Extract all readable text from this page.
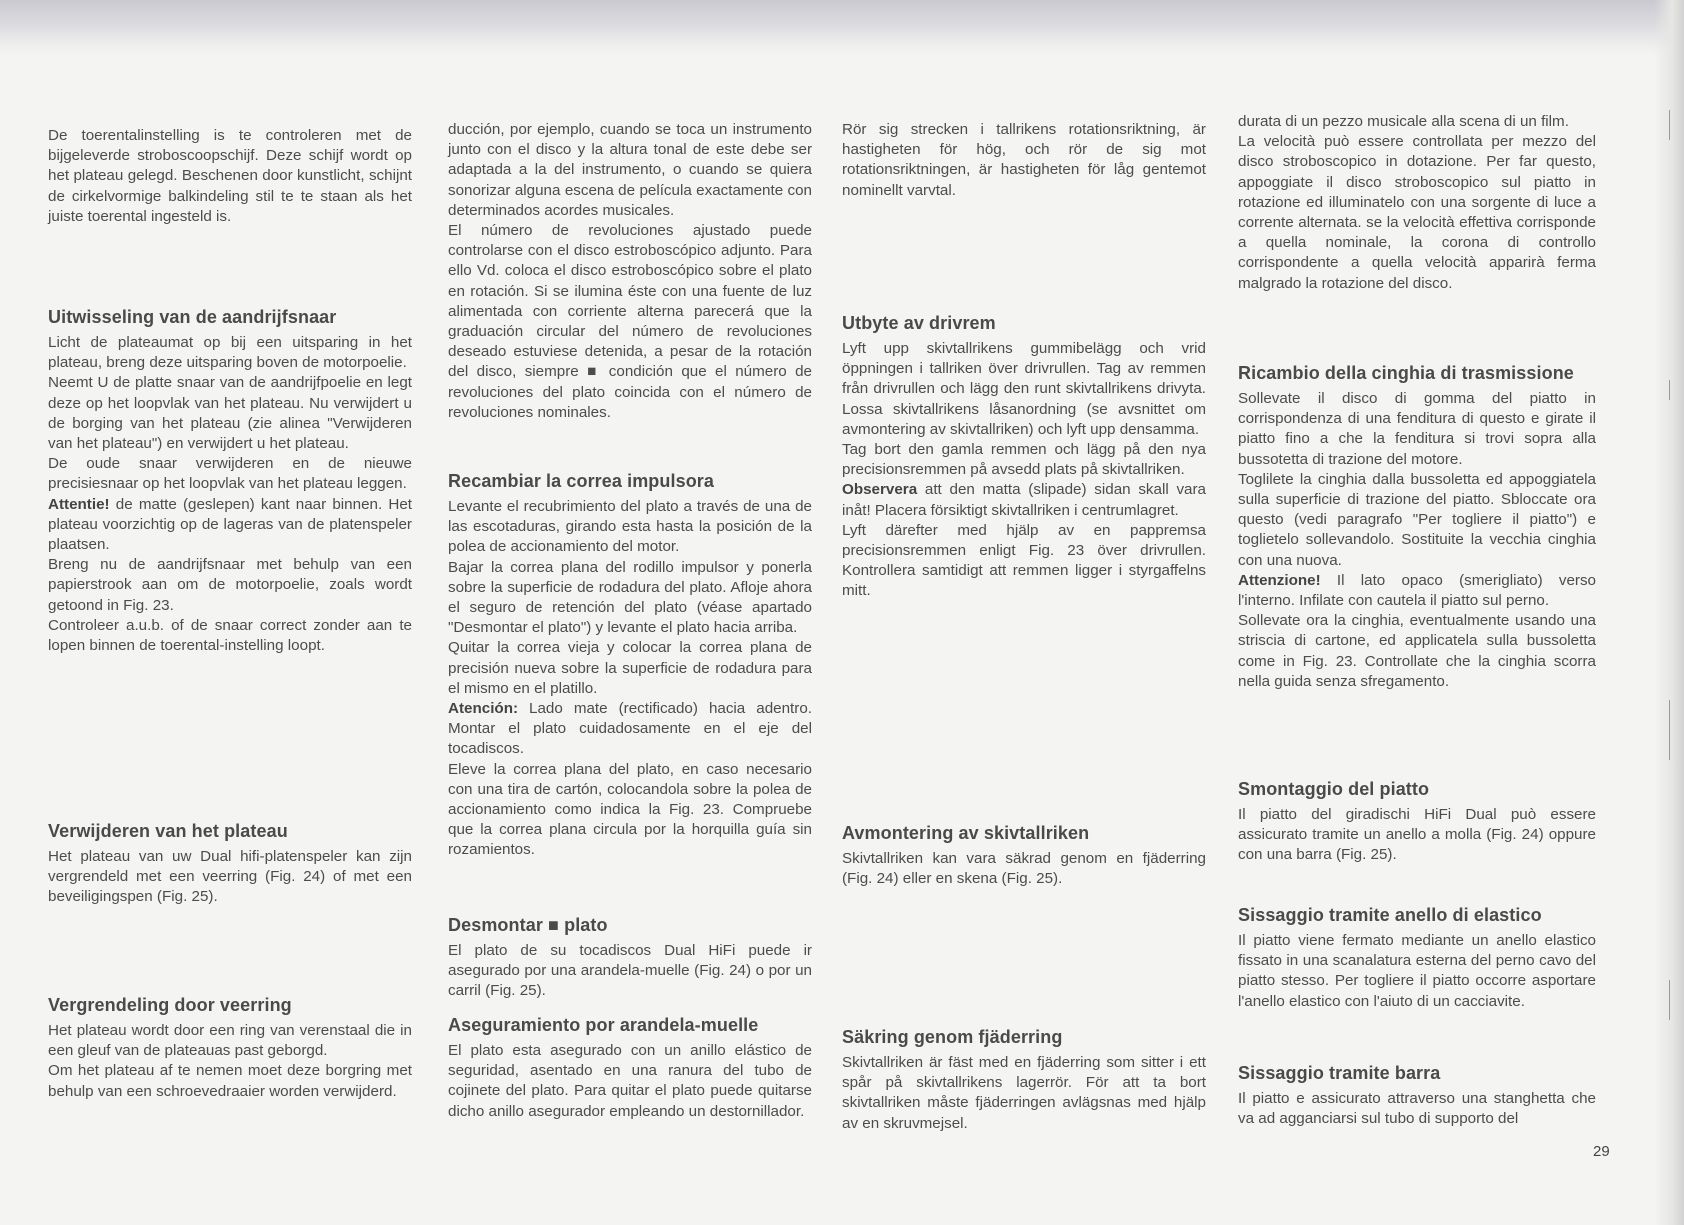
De toerentalinstelling is te controleren met de bijgeleverde stroboscoopschijf. Deze schijf wordt op het plateau gelegd. Beschenen door kunstlicht, schijnt de cirkelvormige balkindeling stil te te staan als het juiste toerental ingesteld is.

Uitwisseling van de aandrijfsnaar

Licht de plateaumat op bij een uitsparing in het plateau, breng deze uitsparing boven de motorpoelie.

Neemt U de platte snaar van de aandrijfpoelie en legt deze op het loopvlak van het plateau. Nu verwijdert u de borging van het plateau (zie alinea "Verwijderen van het plateau") en verwijdert u het plateau.

De oude snaar verwijderen en de nieuwe precisiesnaar op het loopvlak van het plateau leggen.

Attentie! de matte (geslepen) kant naar binnen. Het plateau voorzichtig op de lageras van de platenspeler plaatsen.

Breng nu de aandrijfsnaar met behulp van een papierstrook aan om de motorpoelie, zoals wordt getoond in Fig. 23.

Controleer a.u.b. of de snaar correct zonder aan te lopen binnen de toerental-instelling loopt.

Verwijderen van het plateau

Het plateau van uw Dual hifi-platenspeler kan zijn vergrendeld met een veerring (Fig. 24) of met een beveiligingspen (Fig. 25).

Vergrendeling door veerring

Het plateau wordt door een ring van verenstaal die in een gleuf van de plateauas past geborgd.

Om het plateau af te nemen moet deze borgring met behulp van een schroevedraaier worden verwijderd.

ducción, por ejemplo, cuando se toca un instrumento junto con el disco y la altura tonal de este debe ser adaptada a la del instrumento, o cuando se quiera sonorizar alguna escena de película exactamente con determinados acordes musicales.

El número de revoluciones ajustado puede controlarse con el disco estroboscópico adjunto. Para ello Vd. coloca el disco estroboscópico sobre el plato en rotación. Si se ilumina éste con una fuente de luz alimentada con corriente alterna parecerá que la graduación circular del número de revoluciones deseado estuviese detenida, a pesar de la rotación del disco, siempre ■ condición que el número de revoluciones del plato coincida con el número de revoluciones nominales.

Recambiar la correa impulsora

Levante el recubrimiento del plato a través de una de las escotaduras, girando esta hasta la posición de la polea de accionamiento del motor.

Bajar la correa plana del rodillo impulsor y ponerla sobre la superficie de rodadura del plato. Afloje ahora el seguro de retención del plato (véase apartado "Desmontar el plato") y levante el plato hacia arriba.

Quitar la correa vieja y colocar la correa plana de precisión nueva sobre la superficie de rodadura para el mismo en el platillo.

Atención: Lado mate (rectificado) hacia adentro. Montar el plato cuidadosamente en el eje del tocadiscos.

Eleve la correa plana del plato, en caso necesario con una tira de cartón, colocandola sobre la polea de accionamiento como indica la Fig. 23. Compruebe que la correa plana circula por la horquilla guía sin rozamientos.

Desmontar ■ plato

El plato de su tocadiscos Dual HiFi puede ir asegurado por una arandela-muelle (Fig. 24) o por un carril (Fig. 25).

Aseguramiento por arandela-muelle

El plato esta asegurado con un anillo elástico de seguridad, asentado en una ranura del tubo de cojinete del plato. Para quitar el plato puede quitarse dicho anillo asegurador empleando un destornillador.

Rör sig strecken i tallrikens rotationsriktning, är hastigheten för hög, och rör de sig mot rotationsriktningen, är hastigheten för låg gentemot nominellt varvtal.

Utbyte av drivrem

Lyft upp skivtallrikens gummibelägg och vrid öppningen i tallriken över drivrullen. Tag av remmen från drivrullen och lägg den runt skivtallrikens drivyta. Lossa skivtallrikens låsanordning (se avsnittet om avmontering av skivtallriken) och lyft upp densamma.

Tag bort den gamla remmen och lägg på den nya precisionsremmen på avsedd plats på skivtallriken.

Observera att den matta (slipade) sidan skall vara inåt! Placera försiktigt skivtallriken i centrumlagret.

Lyft därefter med hjälp av en pappremsa precisionsremmen enligt Fig. 23 över drivrullen. Kontrollera samtidigt att remmen ligger i styrgaffelns mitt.

Avmontering av skivtallriken

Skivtallriken kan vara säkrad genom en fjäderring (Fig. 24) eller en skena (Fig. 25).

Säkring genom fjäderring

Skivtallriken är fäst med en fjäderring som sitter i ett spår på skivtallrikens lagerrör. För att ta bort skivtallriken måste fjäderringen avlägsnas med hjälp av en skruvmejsel.

durata di un pezzo musicale alla scena di un film.

La velocità può essere controllata per mezzo del disco stroboscopico in dotazione. Per far questo, appoggiate il disco stroboscopico sul piatto in rotazione ed illuminatelo con una sorgente di luce a corrente alternata. se la velocità effettiva corrisponde a quella nominale, la corona di controllo corrispondente a quella velocità apparirà ferma malgrado la rotazione del disco.

Ricambio della cinghia di trasmissione

Sollevate il disco di gomma del piatto in corrispondenza di una fenditura di questo e girate il piatto fino a che la fenditura si trovi sopra alla bussotetta di trazione del motore.

Toglilete la cinghia dalla bussoletta ed appoggiatela sulla superficie di trazione del piatto. Sbloccate ora questo (vedi paragrafo "Per togliere il piatto") e toglietelo sollevandolo. Sostituite la vecchia cinghia con una nuova.

Attenzione! Il lato opaco (smerigliato) verso l'interno. Infilate con cautela il piatto sul perno.

Sollevate ora la cinghia, eventualmente usando una striscia di cartone, ed applicatela sulla bussoletta come in Fig. 23. Controllate che la cinghia scorra nella guida senza sfregamento.

Smontaggio del piatto

Il piatto del giradischi HiFi Dual può essere assicurato tramite un anello a molla (Fig. 24) oppure con una barra (Fig. 25).

Sissaggio tramite anello di elastico

Il piatto viene fermato mediante un anello elastico fissato in una scanalatura esterna del perno cavo del piatto stesso. Per togliere il piatto occorre asportare l'anello elastico con l'aiuto di un cacciavite.

Sissaggio tramite barra

Il piatto e assicurato attraverso una stanghetta che va ad agganciarsi sul tubo di supporto del

29
